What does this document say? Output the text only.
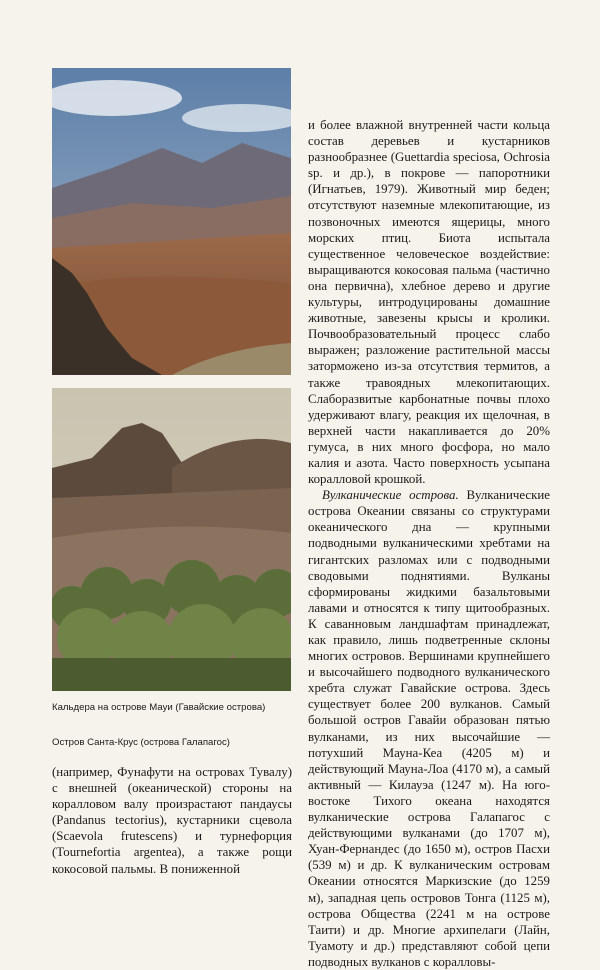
Кальдера на острове Мауи (Гавайские острова)
Остров Санта-Крус (острова Галапагос)

(например, Фунафути на островах Тувалу) с внешней (океанической) стороны на коралловом валу произрастают пандаусы (Pandanus tectorius), кустарники сцевола (Scaevola frutescens) и турнефорция (Tournefortia argentea), а также рощи кокосовой пальмы. В пониженной

и более влажной внутренней части кольца состав деревьев и кустарников разнообразнее (Guettardia speciosa, Ochrosia sp. и др.), в покрове — папоротники (Игнатьев, 1979). Животный мир беден; отсутствуют наземные млекопитающие, из позвоночных имеются ящерицы, много морских птиц. Биота испытала существенное человеческое воздействие: выращиваются кокосовая пальма (частично она первична), хлебное дерево и другие культуры, интродуцированы домашние животные, завезены крысы и кролики. Почвообразовательный процесс слабо выражен; разложение растительной массы заторможено из-за отсутствия термитов, а также травоядных млекопитающих. Слаборазвитые карбонатные почвы плохо удерживают влагу, реакция их щелочная, в верхней части накапливается до 20% гумуса, в них много фосфора, но мало калия и азота. Часто поверхность усыпана коралловой крошкой.

Вулканические острова. Вулканические острова Океании связаны со структурами океанического дна — крупными подводными вулканическими хребтами на гигантских разломах или с подводными сводовыми поднятиями. Вулканы сформированы жидкими базальтовыми лавами и относятся к типу щитообразных. К саванновым ландшафтам принадлежат, как правило, лишь подветренные склоны многих островов. Вершинами крупнейшего и высочайшего подводного вулканического хребта служат Гавайские острова. Здесь существует более 200 вулканов. Самый большой остров Гавайи образован пятью вулканами, из них высочайшие — потухший Мауна-Кеа (4205 м) и действующий Мауна-Лоа (4170 м), а самый активный — Килауэа (1247 м). На юго-востоке Тихого океана находятся вулканические острова Галапагос с действующими вулканами (до 1707 м), Хуан-Фернандес (до 1650 м), остров Пасхи (539 м) и др. К вулканическим островам Океании относятся Маркизские (до 1259 м), западная цепь островов Тонга (1125 м), острова Общества (2241 м на острове Таити) и др. Многие архипелаги (Лайн, Туамоту и др.) представляют собой цепи подводных вулканов с коралловы-
